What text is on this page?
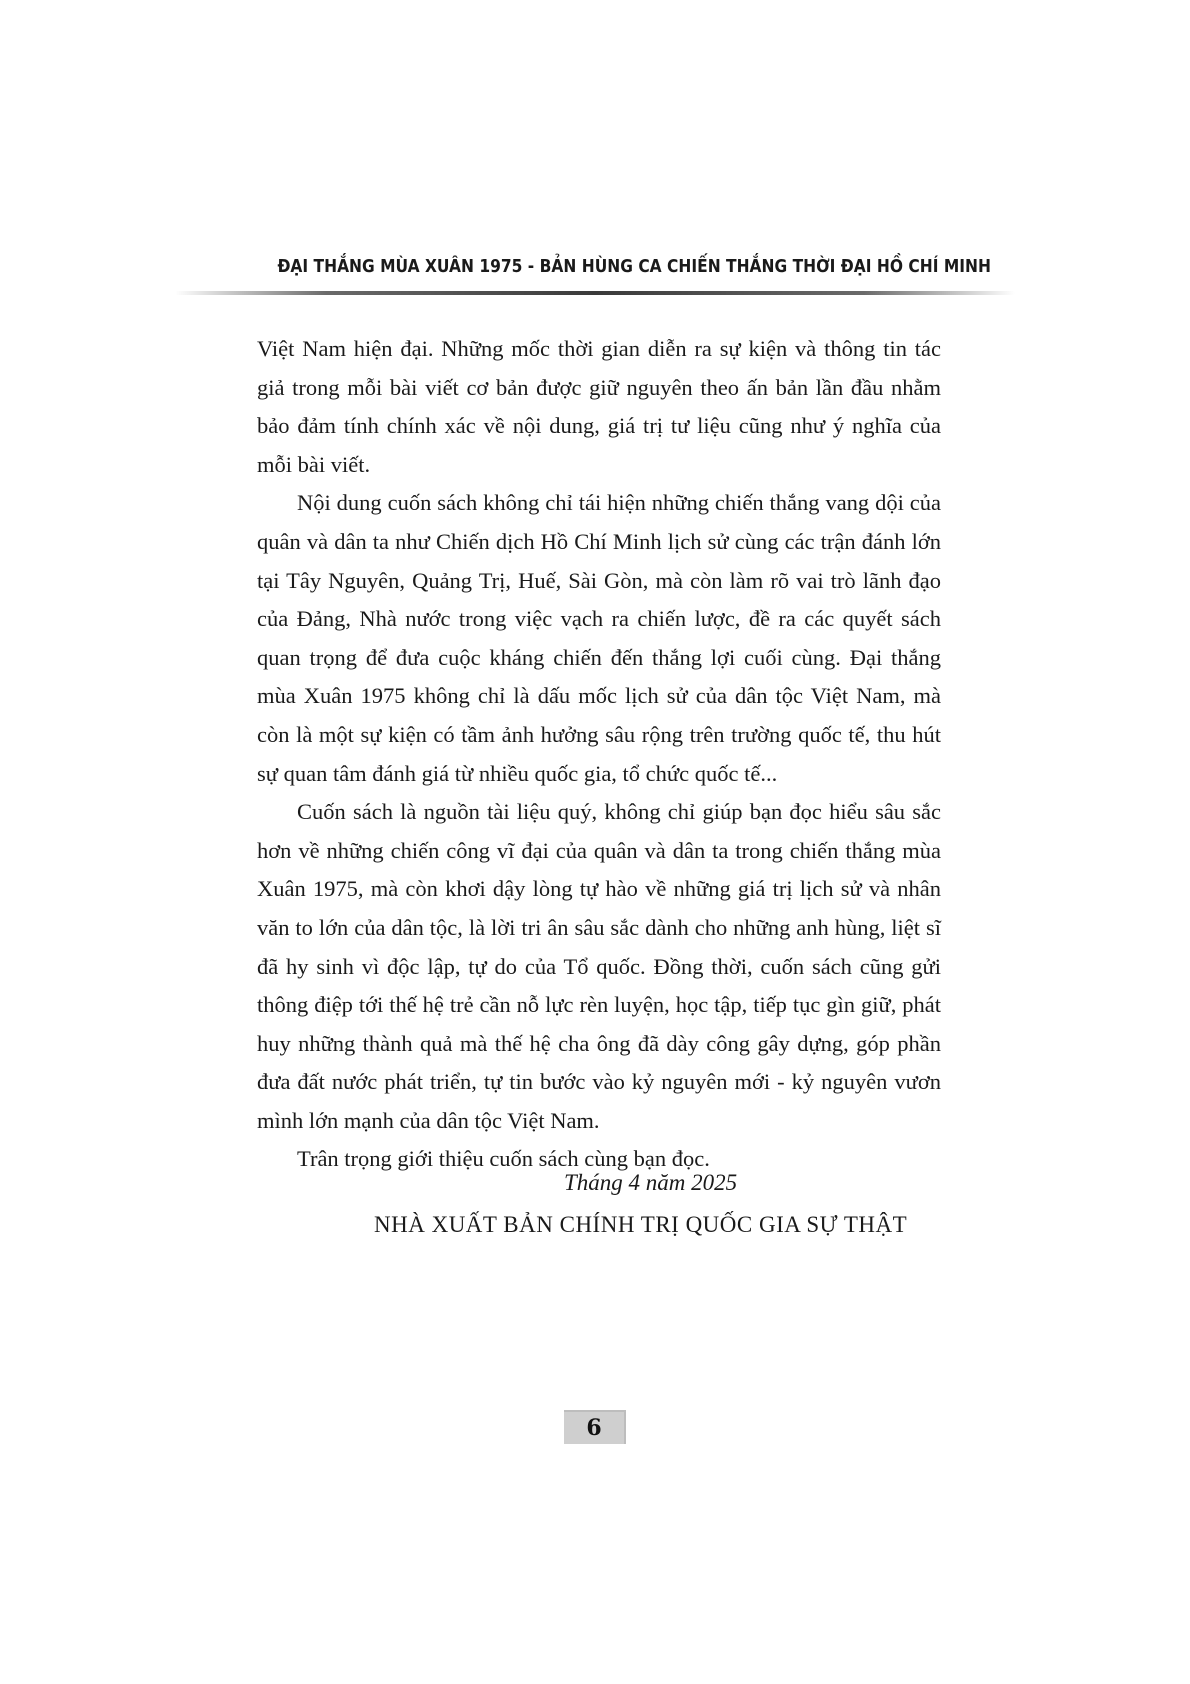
ĐẠI THẮNG MÙA XUÂN 1975 - BẢN HÙNG CA CHIẾN THẮNG THỜI ĐẠI HỒ CHÍ MINH

Việt Nam hiện đại. Những mốc thời gian diễn ra sự kiện và thông tin tác giả trong mỗi bài viết cơ bản được giữ nguyên theo ấn bản lần đầu nhằm bảo đảm tính chính xác về nội dung, giá trị tư liệu cũng như ý nghĩa của mỗi bài viết.

Nội dung cuốn sách không chỉ tái hiện những chiến thắng vang dội của quân và dân ta như Chiến dịch Hồ Chí Minh lịch sử cùng các trận đánh lớn tại Tây Nguyên, Quảng Trị, Huế, Sài Gòn, mà còn làm rõ vai trò lãnh đạo của Đảng, Nhà nước trong việc vạch ra chiến lược, đề ra các quyết sách quan trọng để đưa cuộc kháng chiến đến thắng lợi cuối cùng. Đại thắng mùa Xuân 1975 không chỉ là dấu mốc lịch sử của dân tộc Việt Nam, mà còn là một sự kiện có tầm ảnh hưởng sâu rộng trên trường quốc tế, thu hút sự quan tâm đánh giá từ nhiều quốc gia, tổ chức quốc tế...

Cuốn sách là nguồn tài liệu quý, không chỉ giúp bạn đọc hiểu sâu sắc hơn về những chiến công vĩ đại của quân và dân ta trong chiến thắng mùa Xuân 1975, mà còn khơi dậy lòng tự hào về những giá trị lịch sử và nhân văn to lớn của dân tộc, là lời tri ân sâu sắc dành cho những anh hùng, liệt sĩ đã hy sinh vì độc lập, tự do của Tổ quốc. Đồng thời, cuốn sách cũng gửi thông điệp tới thế hệ trẻ cần nỗ lực rèn luyện, học tập, tiếp tục gìn giữ, phát huy những thành quả mà thế hệ cha ông đã dày công gây dựng, góp phần đưa đất nước phát triển, tự tin bước vào kỷ nguyên mới - kỷ nguyên vươn mình lớn mạnh của dân tộc Việt Nam.

Trân trọng giới thiệu cuốn sách cùng bạn đọc.

Tháng 4 năm 2025
NHÀ XUẤT BẢN CHÍNH TRỊ QUỐC GIA SỰ THẬT
6
